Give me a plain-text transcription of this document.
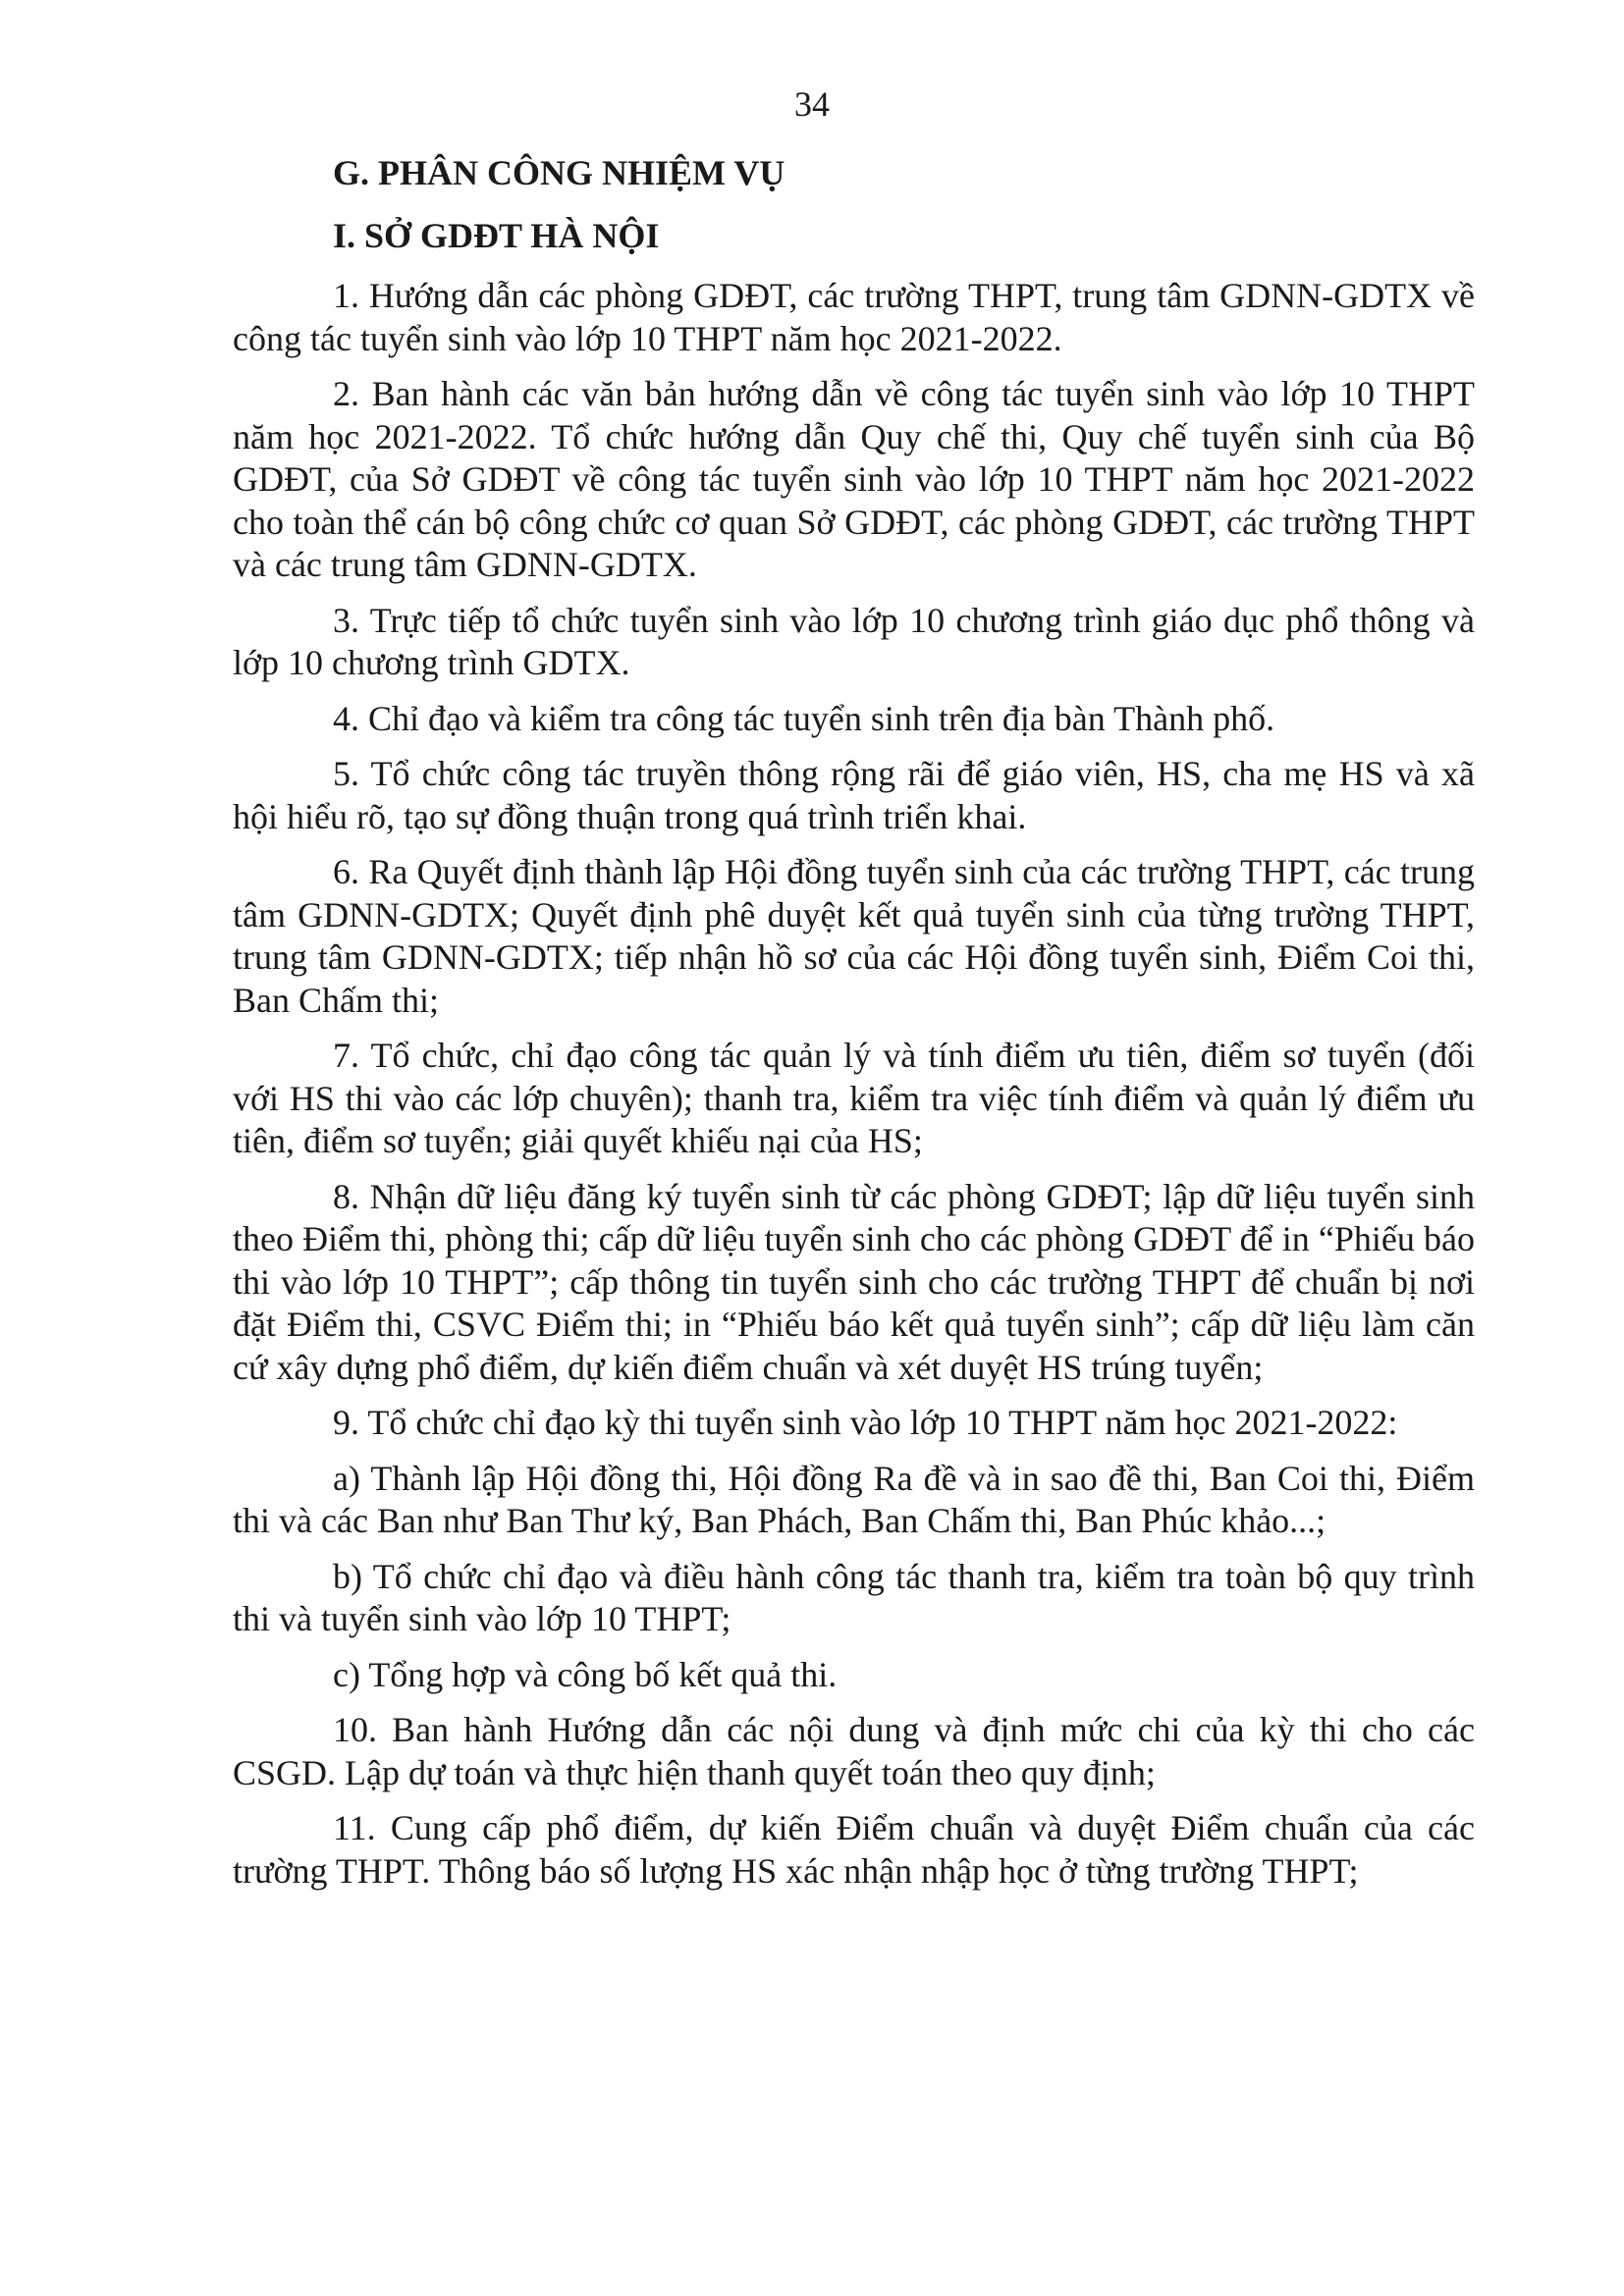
34
G. PHÂN CÔNG NHIỆM VỤ
I. SỞ GDĐT HÀ NỘI

1. Hướng dẫn các phòng GDĐT, các trường THPT, trung tâm GDNN-GDTX về công tác tuyển sinh vào lớp 10 THPT năm học 2021-2022.

2. Ban hành các văn bản hướng dẫn về công tác tuyển sinh vào lớp 10 THPT năm học 2021-2022. Tổ chức hướng dẫn Quy chế thi, Quy chế tuyển sinh của Bộ GDĐT, của Sở GDĐT về công tác tuyển sinh vào lớp 10 THPT năm học 2021-2022 cho toàn thể cán bộ công chức cơ quan Sở GDĐT, các phòng GDĐT, các trường THPT và các trung tâm GDNN-GDTX.

3. Trực tiếp tổ chức tuyển sinh vào lớp 10 chương trình giáo dục phổ thông và lớp 10 chương trình GDTX.

4. Chỉ đạo và kiểm tra công tác tuyển sinh trên địa bàn Thành phố.

5. Tổ chức công tác truyền thông rộng rãi để giáo viên, HS, cha mẹ HS và xã hội hiểu rõ, tạo sự đồng thuận trong quá trình triển khai.

6. Ra Quyết định thành lập Hội đồng tuyển sinh của các trường THPT, các trung tâm GDNN-GDTX; Quyết định phê duyệt kết quả tuyển sinh của từng trường THPT, trung tâm GDNN-GDTX; tiếp nhận hồ sơ của các Hội đồng tuyển sinh, Điểm Coi thi, Ban Chấm thi;

7. Tổ chức, chỉ đạo công tác quản lý và tính điểm ưu tiên, điểm sơ tuyển (đối với HS thi vào các lớp chuyên); thanh tra, kiểm tra việc tính điểm và quản lý điểm ưu tiên, điểm sơ tuyển; giải quyết khiếu nại của HS;

8. Nhận dữ liệu đăng ký tuyển sinh từ các phòng GDĐT; lập dữ liệu tuyển sinh theo Điểm thi, phòng thi; cấp dữ liệu tuyển sinh cho các phòng GDĐT để in “Phiếu báo thi vào lớp 10 THPT”; cấp thông tin tuyển sinh cho các trường THPT để chuẩn bị nơi đặt Điểm thi, CSVC Điểm thi; in “Phiếu báo kết quả tuyển sinh”; cấp dữ liệu làm căn cứ xây dựng phổ điểm, dự kiến điểm chuẩn và xét duyệt HS trúng tuyển;

9. Tổ chức chỉ đạo kỳ thi tuyển sinh vào lớp 10 THPT năm học 2021-2022:

a) Thành lập Hội đồng thi, Hội đồng Ra đề và in sao đề thi, Ban Coi thi, Điểm thi và các Ban như Ban Thư ký, Ban Phách, Ban Chấm thi, Ban Phúc khảo...;

b) Tổ chức chỉ đạo và điều hành công tác thanh tra, kiểm tra toàn bộ quy trình thi và tuyển sinh vào lớp 10 THPT;

c) Tổng hợp và công bố kết quả thi.

10. Ban hành Hướng dẫn các nội dung và định mức chi của kỳ thi cho các CSGD. Lập dự toán và thực hiện thanh quyết toán theo quy định;

11. Cung cấp phổ điểm, dự kiến Điểm chuẩn và duyệt Điểm chuẩn của các trường THPT. Thông báo số lượng HS xác nhận nhập học ở từng trường THPT;
